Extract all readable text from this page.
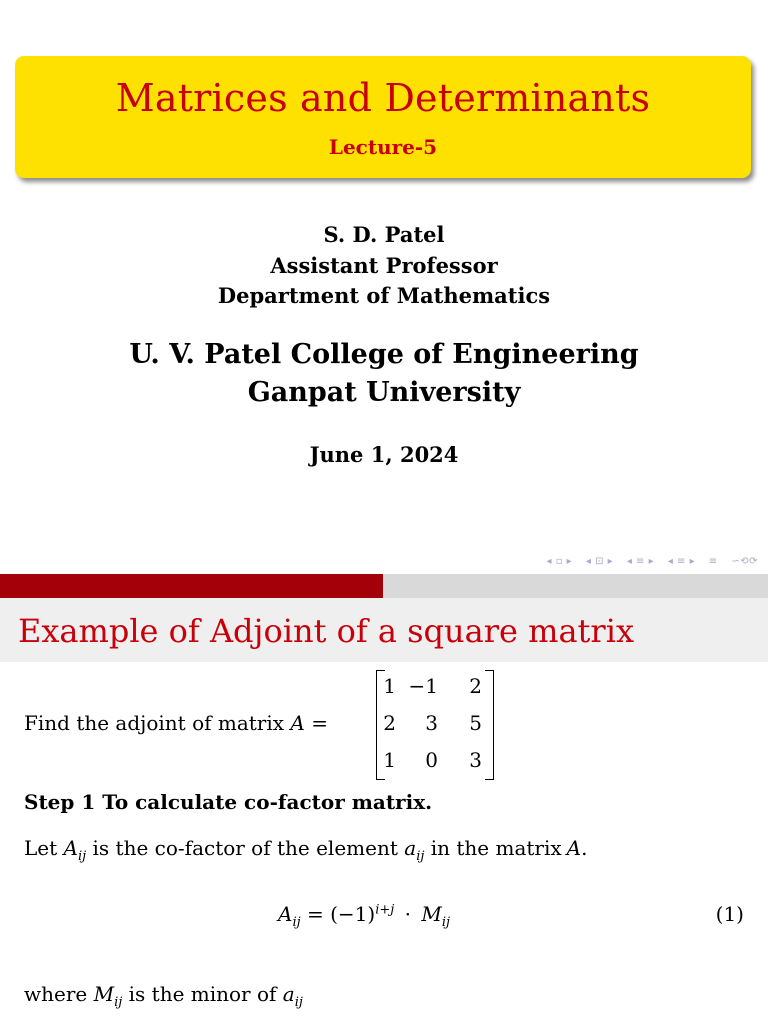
Matrices and Determinants
Lecture-5
S. D. Patel
Assistant Professor
Department of Mathematics
U. V. Patel College of Engineering
Ganpat University
June 1, 2024
◂ ▫ ▸ ◂ ⊡ ▸ ◂ ≡ ▸ ◂ ≡ ▸ ≡ ∽⟲⟳
Example of Adjoint of a square matrix
Find the adjoint of matrix A =
1 −1	2
2	3	5
1	0	3
Step 1 To calculate co-factor matrix.
Let $A_{ij}$ is the co-factor of the element $a_{ij}$ in the matrix A.
$A_{ij} = (-1)^{i+j} \cdot M_{ij}$	(1)
where $M_{ij}$ is the minor of $a_{ij}$
